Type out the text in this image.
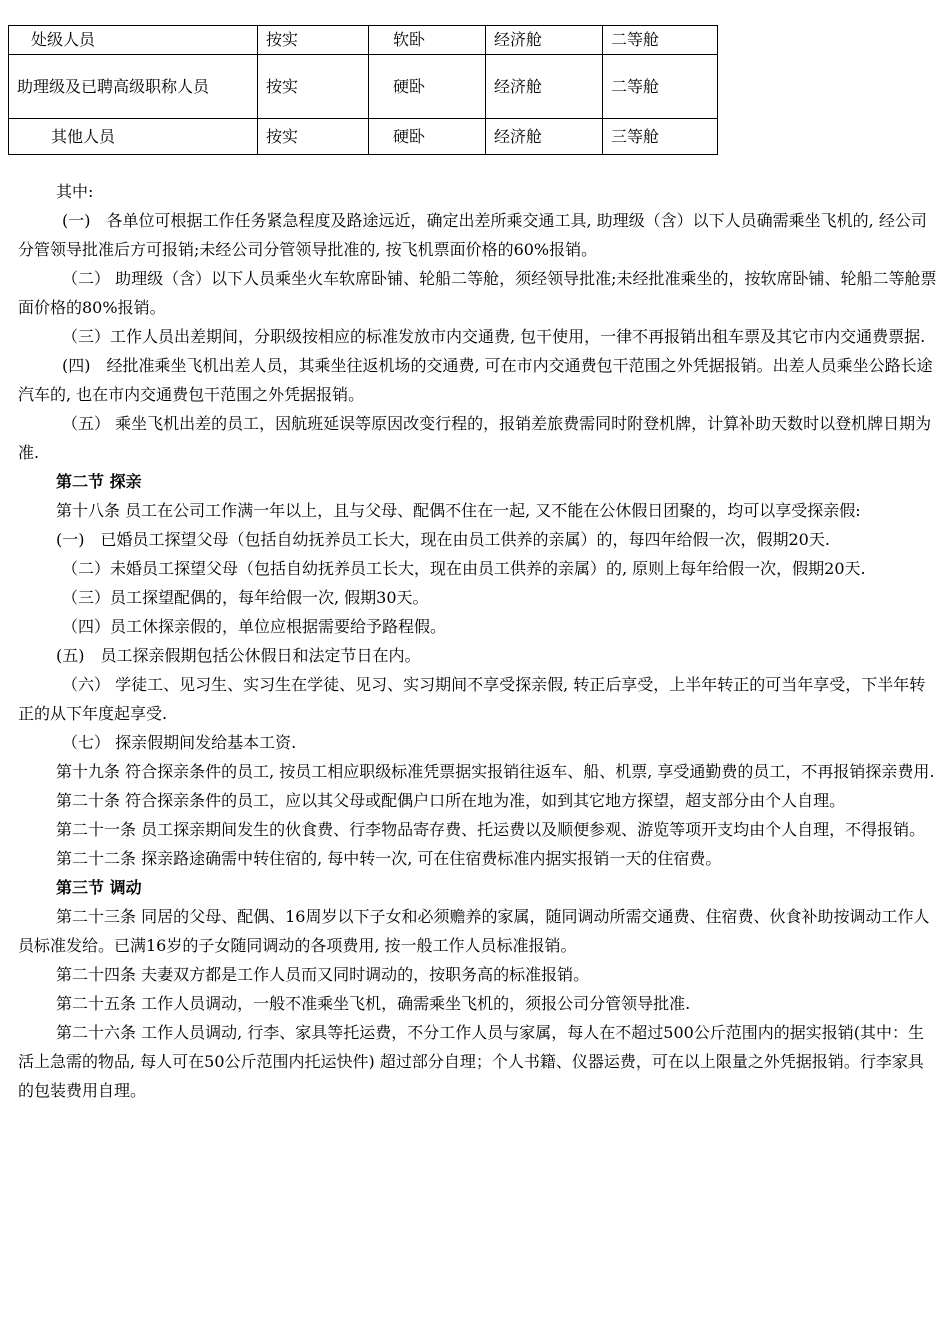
处级人员	按实	软卧	经济舱	二等舱
助理级及已聘高级职称人员	按实	硬卧	经济舱	二等舱
其他人员	按实	硬卧	经济舱	三等舱

其中:

(一)　各单位可根据工作任务紧急程度及路途远近，确定出差所乘交通工具, 助理级（含）以下人员确需乘坐飞机的, 经公司分管领导批准后方可报销;未经公司分管领导批准的, 按飞机票面价格的60%报销。

（二） 助理级（含）以下人员乘坐火车软席卧铺、轮船二等舱，须经领导批准;未经批准乘坐的，按软席卧铺、轮船二等舱票面价格的80%报销。

（三）工作人员出差期间，分职级按相应的标准发放市内交通费, 包干使用，一律不再报销出租车票及其它市内交通费票据.

(四)　经批准乘坐飞机出差人员，其乘坐往返机场的交通费, 可在市内交通费包干范围之外凭据报销。出差人员乘坐公路长途汽车的, 也在市内交通费包干范围之外凭据报销。

（五） 乘坐飞机出差的员工，因航班延误等原因改变行程的，报销差旅费需同时附登机牌，计算补助天数时以登机牌日期为准.

第二节 探亲

第十八条 员工在公司工作满一年以上，且与父母、配偶不住在一起, 又不能在公休假日团聚的，均可以享受探亲假:

(一)　已婚员工探望父母（包括自幼抚养员工长大，现在由员工供养的亲属）的，每四年给假一次，假期20天.

（二）未婚员工探望父母（包括自幼抚养员工长大，现在由员工供养的亲属）的, 原则上每年给假一次，假期20天.

（三）员工探望配偶的，每年给假一次, 假期30天。

（四）员工休探亲假的，单位应根据需要给予路程假。

(五)　员工探亲假期包括公休假日和法定节日在内。

（六） 学徒工、见习生、实习生在学徒、见习、实习期间不享受探亲假, 转正后享受，上半年转正的可当年享受，下半年转正的从下年度起享受.

（七） 探亲假期间发给基本工资.

第十九条 符合探亲条件的员工, 按员工相应职级标准凭票据实报销往返车、船、机票, 享受通勤费的员工，不再报销探亲费用.

第二十条 符合探亲条件的员工，应以其父母或配偶户口所在地为准，如到其它地方探望，超支部分由个人自理。

第二十一条 员工探亲期间发生的伙食费、行李物品寄存费、托运费以及顺便参观、游览等项开支均由个人自理，不得报销。

第二十二条 探亲路途确需中转住宿的, 每中转一次, 可在住宿费标准内据实报销一天的住宿费。

第三节 调动

第二十三条 同居的父母、配偶、16周岁以下子女和必须赡养的家属，随同调动所需交通费、住宿费、伙食补助按调动工作人员标准发给。已满16岁的子女随同调动的各项费用, 按一般工作人员标准报销。

第二十四条 夫妻双方都是工作人员而又同时调动的，按职务高的标准报销。

第二十五条 工作人员调动，一般不准乘坐飞机，确需乘坐飞机的，须报公司分管领导批准.

第二十六条 工作人员调动, 行李、家具等托运费，不分工作人员与家属，每人在不超过500公斤范围内的据实报销(其中：生活上急需的物品, 每人可在50公斤范围内托运快件) 超过部分自理；个人书籍、仪器运费，可在以上限量之外凭据报销。行李家具的包装费用自理。
